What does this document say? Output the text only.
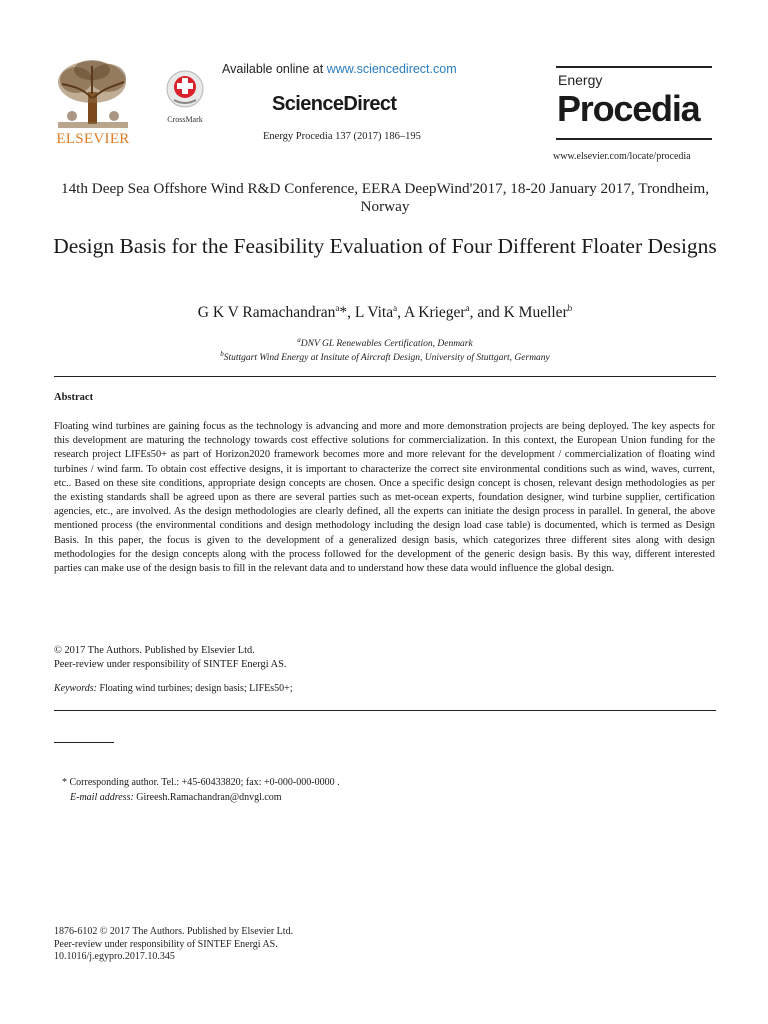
ELSEVIER
CrossMark
Available online at www.sciencedirect.com
ScienceDirect
Energy Procedia 137 (2017) 186–195
Energy
Procedia
www.elsevier.com/locate/procedia
14th Deep Sea Offshore Wind R&D Conference, EERA DeepWind'2017, 18-20 January 2017, Trondheim, Norway
Design Basis for the Feasibility Evaluation of Four Different Floater Designs
G K V Ramachandran$^a$*, L Vita$^a$, A Krieger$^a$, and K Mueller$^b$
$^a$DNV GL Renewables Certification, Denmark
$^b$Stuttgart Wind Energy at Insitute of Aircraft Design, University of Stuttgart, Germany
Abstract
Floating wind turbines are gaining focus as the technology is advancing and more and more demonstration projects are being deployed. The key aspects for this development are maturing the technology towards cost effective solutions for commercialization. In this context, the European Union funding for the research project LIFEs50+ as part of Horizon2020 framework becomes more and more relevant for the development / commercialization of floating wind turbines / wind farm. To obtain cost effective designs, it is important to characterize the correct site environmental conditions such as wind, waves, current, etc.. Based on these site conditions, appropriate design concepts are chosen. Once a specific design concept is chosen, relevant design methodologies as per the existing standards shall be agreed upon as there are several parties such as met-ocean experts, foundation designer, wind turbine supplier, certification agencies, etc., are involved. As the design methodologies are clearly defined, all the experts can initiate the design process in parallel. In general, the above mentioned process (the environmental conditions and design methodology including the design load case table) is documented, which is termed as Design Basis. In this paper, the focus is given to the development of a generalized design basis, which categorizes three different sites along with design methodologies for the design concepts along with the process followed for the development of the generic design basis. By this way, different interested parties can make use of the design basis to fill in the relevant data and to understand how these data would influence the global design.
© 2017 The Authors. Published by Elsevier Ltd.
Peer-review under responsibility of SINTEF Energi AS.
Keywords: Floating wind turbines; design basis; LIFEs50+;
* Corresponding author. Tel.: +45-60433820; fax: +0-000-000-0000 .
E-mail address: Gireesh.Ramachandran@dnvgl.com
1876-6102 © 2017 The Authors. Published by Elsevier Ltd.
Peer-review under responsibility of SINTEF Energi AS.
10.1016/j.egypro.2017.10.345
